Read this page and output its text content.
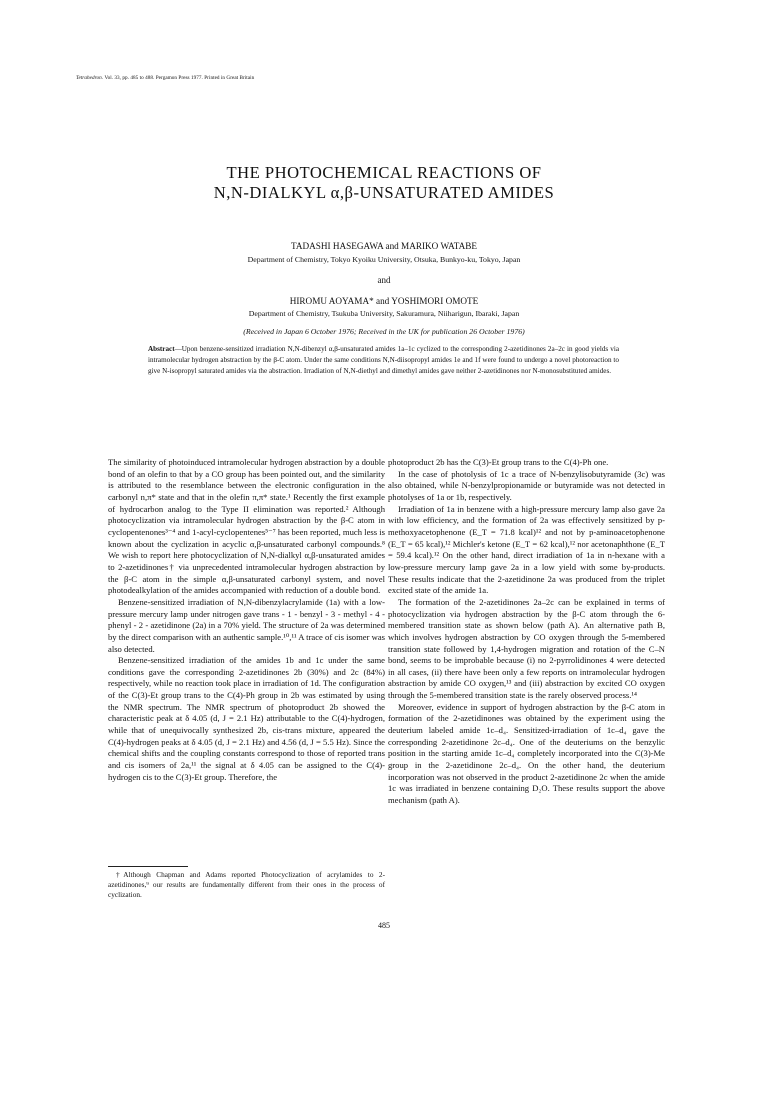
Tetrahedron. Vol. 33, pp. 485 to 488. Pergamon Press 1977. Printed in Great Britain
THE PHOTOCHEMICAL REACTIONS OF
N,N-DIALKYL α,β-UNSATURATED AMIDES
TADASHI HASEGAWA and MARIKO WATABE
Department of Chemistry, Tokyo Kyoiku University, Otsuka, Bunkyo-ku, Tokyo, Japan
and
HIROMU AOYAMA* and YOSHIMORI OMOTE
Department of Chemistry, Tsukuba University, Sakuramura, Niiharigun, Ibaraki, Japan
(Received in Japan 6 October 1976; Received in the UK for publication 26 October 1976)
Abstract—Upon benzene-sensitized irradiation N,N-dibenzyl α,β-unsaturated amides 1a–1c cyclized to the corresponding 2-azetidinones 2a–2c in good yields via intramolecular hydrogen abstraction by the β-C atom. Under the same conditions N,N-diisopropyl amides 1e and 1f were found to undergo a novel photoreaction to give N-isopropyl saturated amides via the abstraction. Irradiation of N,N-diethyl and dimethyl amides gave neither 2-azetidinones nor N-monosubstituted amides.

The similarity of photoinduced intramolecular hydrogen abstraction by a double bond of an olefin to that by a CO group has been pointed out, and the similarity is attributed to the resemblance between the electronic configuration in the carbonyl n,π* state and that in the olefin π,π* state.¹ Recently the first example of hydrocarbon analog to the Type II elimination was reported.² Although photocyclization via intramolecular hydrogen abstraction by the β-C atom in cyclopentenones³⁻⁴ and 1-acyl-cyclopentenes⁵⁻⁷ has been reported, much less is known about the cyclization in acyclic α,β-unsaturated carbonyl compounds.⁸ We wish to report here photocyclization of N,N-dialkyl α,β-unsaturated amides to 2-azetidinones† via unprecedented intramolecular hydrogen abstraction by the β-C atom in the simple α,β-unsaturated carbonyl system, and novel photodealkylation of the amides accompanied with reduction of a double bond.

Benzene-sensitized irradiation of N,N-dibenzylacrylamide (1a) with a low-pressure mercury lamp under nitrogen gave trans - 1 - benzyl - 3 - methyl - 4 - phenyl - 2 - azetidinone (2a) in a 70% yield. The structure of 2a was determined by the direct comparison with an authentic sample.¹⁰,¹¹ A trace of cis isomer was also detected.

Benzene-sensitized irradiation of the amides 1b and 1c under the same conditions gave the corresponding 2-azetidinones 2b (30%) and 2c (84%) respectively, while no reaction took place in irradiation of 1d. The configuration of the C(3)-Et group trans to the C(4)-Ph group in 2b was estimated by using the NMR spectrum. The NMR spectrum of photoproduct 2b showed the characteristic peak at δ 4.05 (d, J = 2.1 Hz) attributable to the C(4)-hydrogen, while that of unequivocally synthesized 2b, cis-trans mixture, appeared the C(4)-hydrogen peaks at δ 4.05 (d, J = 2.1 Hz) and 4.56 (d, J = 5.5 Hz). Since the chemical shifts and the coupling constants correspond to those of reported trans and cis isomers of 2a,¹¹ the signal at δ 4.05 can be assigned to the C(4)-hydrogen cis to the C(3)-Et group. Therefore, the

†Although Chapman and Adams reported Photocyclization of acrylamides to 2-azetidinones,⁹ our results are fundamentally different from their ones in the process of cyclization.

photoproduct 2b has the C(3)-Et group trans to the C(4)-Ph one.

In the case of photolysis of 1c a trace of N-benzylisobutyramide (3c) was also obtained, while N-benzylpropionamide or butyramide was not detected in photolyses of 1a or 1b, respectively.

Irradiation of 1a in benzene with a high-pressure mercury lamp also gave 2a with low efficiency, and the formation of 2a was effectively sensitized by p-methoxyacetophenone (E_T = 71.8 kcal)¹² and not by p-aminoacetophenone (E_T = 65 kcal),¹² Michler's ketone (E_T = 62 kcal),¹² nor acetonaphthone (E_T = 59.4 kcal).¹² On the other hand, direct irradiation of 1a in n-hexane with a low-pressure mercury lamp gave 2a in a low yield with some by-products. These results indicate that the 2-azetidinone 2a was produced from the triplet excited state of the amide 1a.

The formation of the 2-azetidinones 2a–2c can be explained in terms of photocyclization via hydrogen abstraction by the β-C atom through the 6-membered transition state as shown below (path A). An alternative path B, which involves hydrogen abstraction by CO oxygen through the 5-membered transition state followed by 1,4-hydrogen migration and rotation of the C–N bond, seems to be improbable because (i) no 2-pyrrolidinones 4 were detected in all cases, (ii) there have been only a few reports on intramolecular hydrogen abstraction by amide CO oxygen,¹³ and (iii) abstraction by excited CO oxygen through the 5-membered transition state is the rarely observed process.¹⁴

Moreover, evidence in support of hydrogen abstraction by the β-C atom in formation of the 2-azetidinones was obtained by the experiment using the deuterium labeled amide 1c–d₄. Sensitized-irradiation of 1c–d₄ gave the corresponding 2-azetidinone 2c–d₄. One of the deuteriums on the benzylic position in the starting amide 1c–d₄ completely incorporated into the C(3)-Me group in the 2-azetidinone 2c–d₄. On the other hand, the deuterium incorporation was not observed in the product 2-azetidinone 2c when the amide 1c was irradiated in benzene containing D₂O. These results support the above mechanism (path A).

485
